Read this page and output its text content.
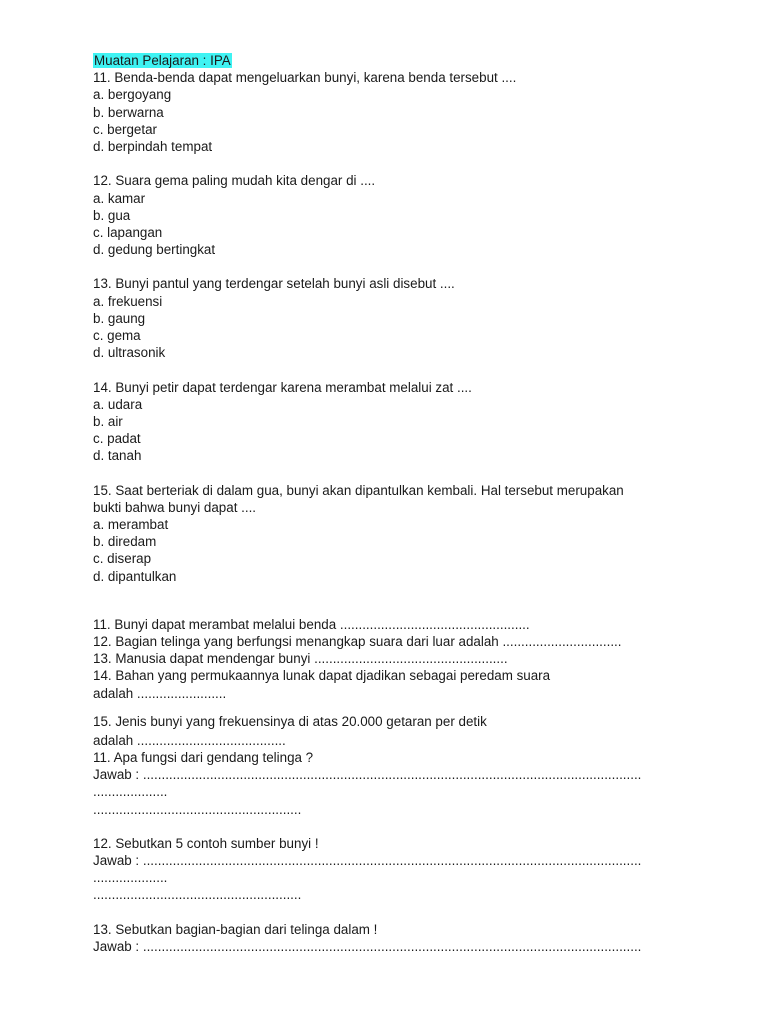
Muatan Pelajaran : IPA
11. Benda-benda dapat mengeluarkan bunyi, karena benda tersebut ....
a. bergoyang
b. berwarna
c. bergetar
d. berpindah tempat
12. Suara gema paling mudah kita dengar di ....
a. kamar
b. gua
c. lapangan
d. gedung bertingkat
13. Bunyi pantul yang terdengar setelah bunyi asli disebut ....
a. frekuensi
b. gaung
c. gema
d. ultrasonik
14. Bunyi petir dapat terdengar karena merambat melalui zat ....
a. udara
b. air
c. padat
d. tanah
15. Saat berteriak di dalam gua, bunyi akan dipantulkan kembali. Hal tersebut merupakan
bukti bahwa bunyi dapat ....
a. merambat
b. diredam
c. diserap
d. dipantulkan
11. Bunyi dapat merambat melalui benda ...................................................
12. Bagian telinga yang berfungsi menangkap suara dari luar adalah ................................
13. Manusia dapat mendengar bunyi ....................................................
14. Bahan yang permukaannya lunak dapat djadikan sebagai peredam suara
adalah ........................
15. Jenis bunyi yang frekuensinya di atas 20.000 getaran per detik
adalah ........................................
11. Apa fungsi dari gendang telinga ?
Jawab : ......................................................................................................................................
....................
........................................................
12. Sebutkan 5 contoh sumber bunyi !
Jawab : ......................................................................................................................................
....................
........................................................
13. Sebutkan bagian-bagian dari telinga dalam !
Jawab : ......................................................................................................................................
